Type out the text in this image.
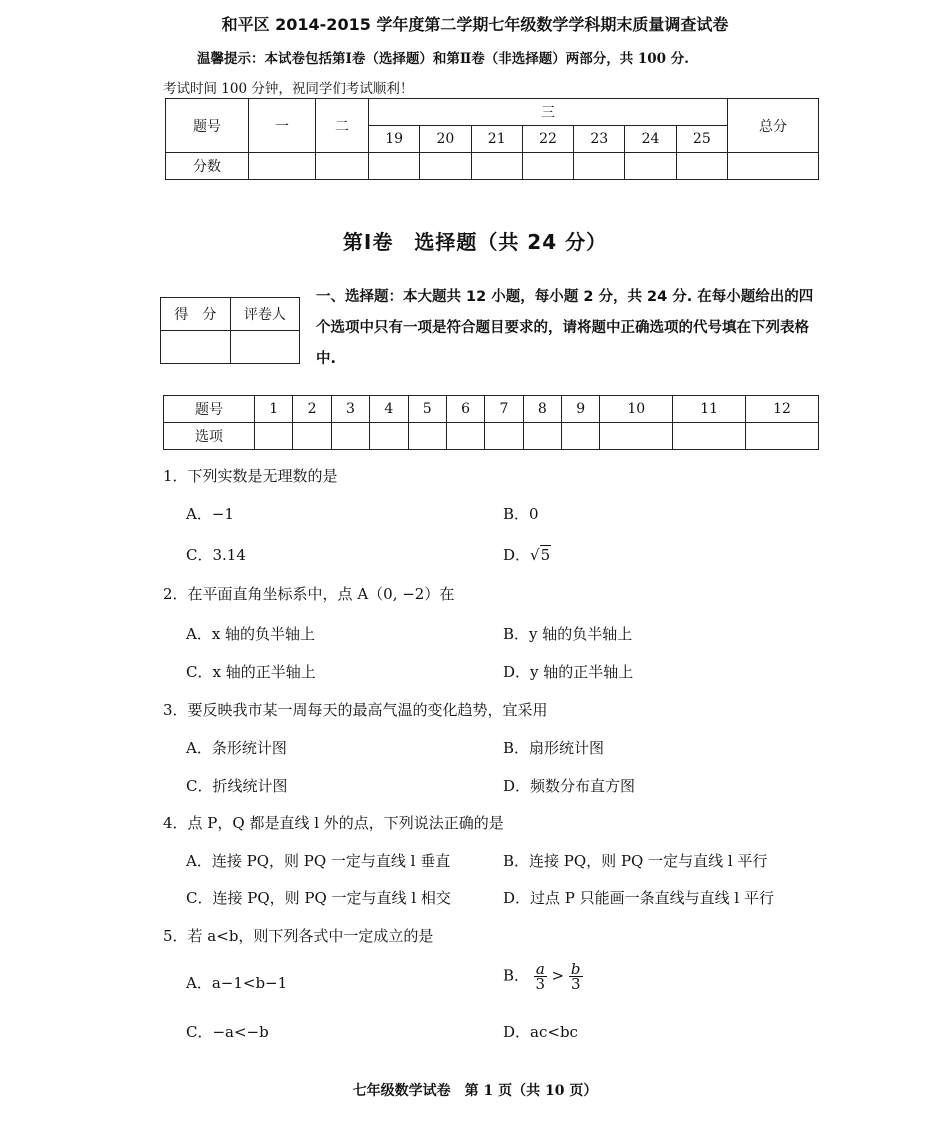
和平区 2014-2015 学年度第二学期七年级数学学科期末质量调查试卷
温馨提示：本试卷包括第Ⅰ卷（选择题）和第Ⅱ卷（非选择题）两部分，共 100 分.
考试时间 100 分钟，祝同学们考试顺利！
题号	一	二	三							总分
			19	20	21	22	23	24	25	
分数										
第Ⅰ卷　选择题（共 24 分）
得　分	评卷人

一、选择题：本大题共 12 小题，每小题 2 分，共 24 分. 在每小题给出的四个选项中只有一项是符合题目要求的，请将题中正确选项的代号填在下列表格中.
题号	1	2	3	4	5	6	7	8	9	10	11	12
选项												
1．下列实数是无理数的是
A．−1	B．0
C．3.14	D．√5
2．在平面直角坐标系中，点 A（0, −2）在
A．x 轴的负半轴上	B．y 轴的负半轴上
C．x 轴的正半轴上	D．y 轴的正半轴上
3．要反映我市某一周每天的最高气温的变化趋势，宜采用
A．条形统计图	B．扇形统计图
C．折线统计图	D．频数分布直方图
4．点 P，Q 都是直线 l 外的点，下列说法正确的是
A．连接 PQ，则 PQ 一定与直线 l 垂直	B．连接 PQ，则 PQ 一定与直线 l 平行
C．连接 PQ，则 PQ 一定与直线 l 相交	D．过点 P 只能画一条直线与直线 l 平行
5．若 a<b，则下列各式中一定成立的是
A．a−1<b−1	B． $\frac{a}{3} > \frac{b}{3}$
C．−a<−b	D．ac<bc
七年级数学试卷　第 1 页（共 10 页）
